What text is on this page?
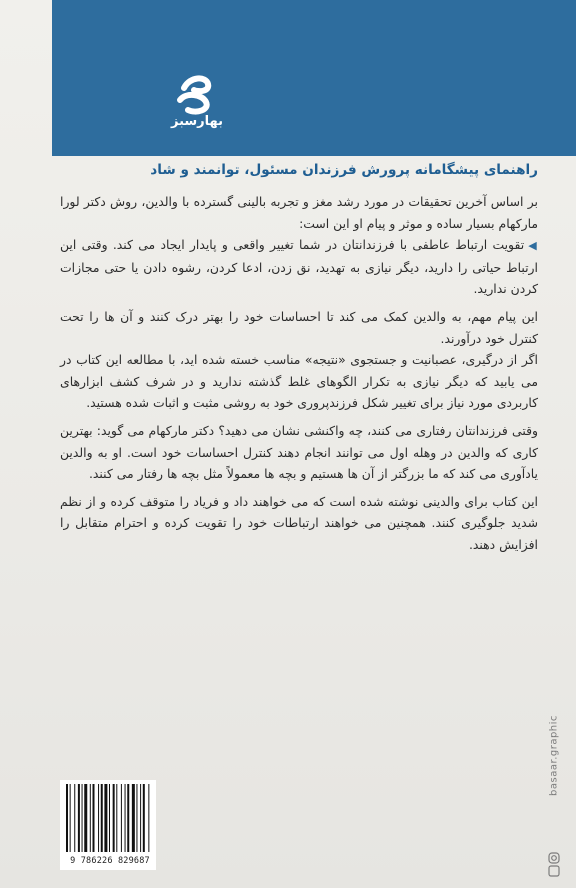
بهارسبز
راهنمای پیشگامانه پرورش فرزندان مسئول، توانمند و شاد

بر اساس آخرین تحقیقات در مورد رشد مغز و تجربه بالینی گسترده با والدین، روش دکتر لورا مارکهام بسیار ساده و موثر و پیام او این است:

◀تقویت ارتباط عاطفی با فرزندانتان در شما تغییر واقعی و پایدار ایجاد می کند. وقتی این ارتباط حیاتی را دارید، دیگر نیازی به تهدید، نق زدن، ادعا کردن، رشوه دادن یا حتی مجازات کردن ندارید.

این پیام مهم، به والدین کمک می کند تا احساسات خود را بهتر درک کنند و آن ها را تحت کنترل خود درآورند.

اگر از درگیری، عصبانیت و جستجوی «نتیجه» مناسب خسته شده اید، با مطالعه این کتاب در می یابید که دیگر نیازی به تکرار الگوهای غلط گذشته ندارید و در شرف کشف ابزارهای کاربردی مورد نیاز برای تغییر شکل فرزندپروری خود به روشی مثبت و اثبات شده هستید.

وقتی فرزندانتان رفتاری می کنند، چه واکنشی نشان می دهید؟ دکتر مارکهام می گوید: بهترین کاری که والدین در وهله اول می توانند انجام دهند کنترل احساسات خود است. او به والدین یادآوری می کند که ما بزرگتر از آن ها هستیم و بچه ها معمولاً مثل بچه ها رفتار می کنند.

این کتاب برای والدینی نوشته شده است که می خواهند داد و فریاد را متوقف کرده و از نظم شدید جلوگیری کنند. همچنین می خواهند ارتباطات خود را تقویت کرده و احترام متقابل را افزایش دهند.

basaar.graphic
9 786226 829687
